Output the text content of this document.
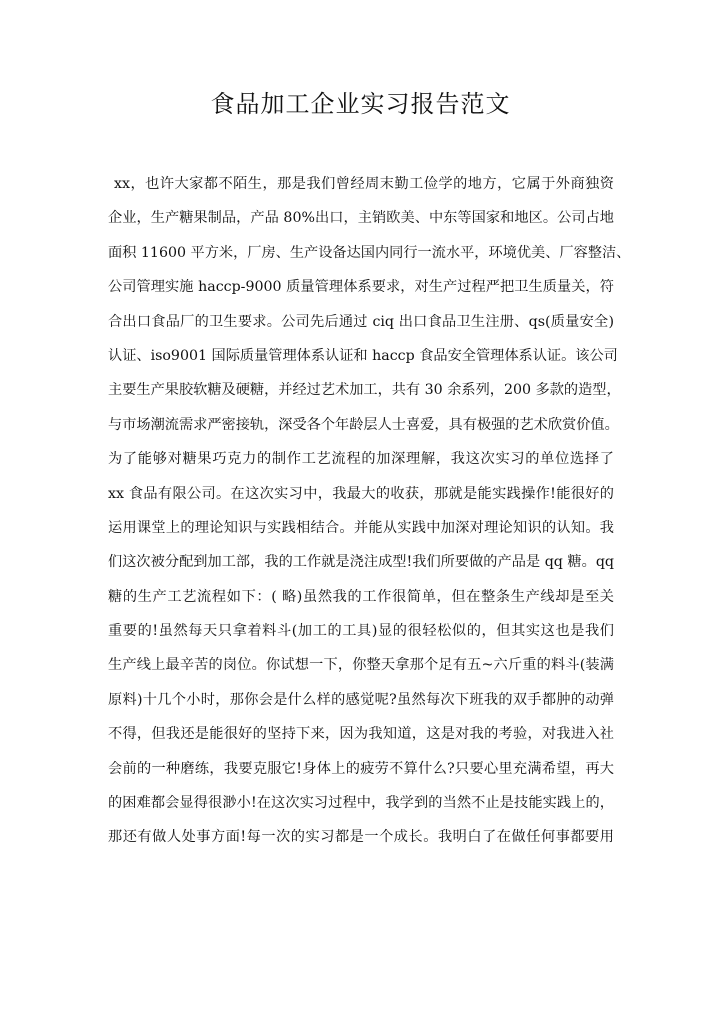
食品加工企业实习报告范文
xx，也许大家都不陌生，那是我们曾经周末勤工俭学的地方，它属于外商独资
企业，生产糖果制品，产品 80%出口，主销欧美、中东等国家和地区。公司占地
面积 11600 平方米，厂房、生产设备达国内同行一流水平，环境优美、厂容整洁、
公司管理实施 haccp-9000 质量管理体系要求，对生产过程严把卫生质量关，符
合出口食品厂的卫生要求。公司先后通过 ciq 出口食品卫生注册、qs(质量安全)
认证、iso9001 国际质量管理体系认证和 haccp 食品安全管理体系认证。该公司
主要生产果胶软糖及硬糖，并经过艺术加工，共有 30 余系列，200 多款的造型，
与市场潮流需求严密接轨，深受各个年龄层人士喜爱，具有极强的艺术欣赏价值。
为了能够对糖果巧克力的制作工艺流程的加深理解，我这次实习的单位选择了
xx 食品有限公司。在这次实习中，我最大的收获，那就是能实践操作!能很好的
运用课堂上的理论知识与实践相结合。并能从实践中加深对理论知识的认知。我
们这次被分配到加工部，我的工作就是浇注成型!我们所要做的产品是 qq 糖。qq
糖的生产工艺流程如下：( 略)虽然我的工作很简单，但在整条生产线却是至关
重要的!虽然每天只拿着料斗(加工的工具)显的很轻松似的，但其实这也是我们
生产线上最辛苦的岗位。你试想一下，你整天拿那个足有五~六斤重的料斗(装满
原料)十几个小时，那你会是什么样的感觉呢?虽然每次下班我的双手都肿的动弹
不得，但我还是能很好的坚持下来，因为我知道，这是对我的考验，对我进入社
会前的一种磨练，我要克服它!身体上的疲劳不算什么?只要心里充满希望，再大
的困难都会显得很渺小!在这次实习过程中，我学到的当然不止是技能实践上的，
那还有做人处事方面!每一次的实习都是一个成长。我明白了在做任何事都要用
